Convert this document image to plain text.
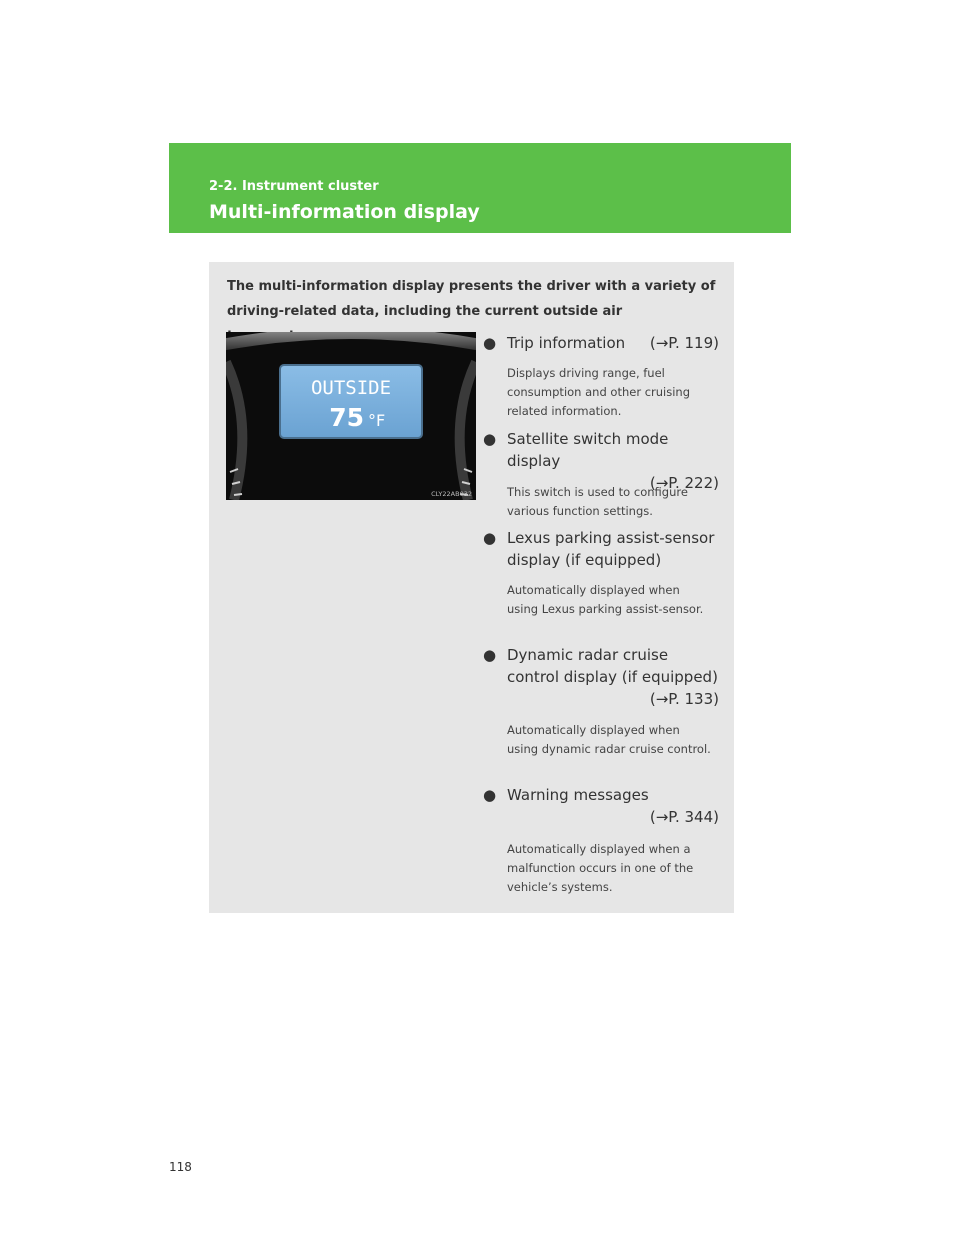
2-2. Instrument cluster
Multi-information display
The multi-information display presents the driver with a variety of driving-related data, including the current outside air
OUTSIDE
75 °F
CLY22AB032
● Trip information (→P. 119)
Displays driving range, fuel consumption and other cruising related information.
● Satellite switch mode display
(→P. 222)
This switch is used to configure various function settings.
● Lexus parking assist-sensor display (if equipped)
Automatically displayed when using Lexus parking assist-sensor.
● Dynamic radar cruise control display (if equipped)
(→P. 133)
Automatically displayed when using dynamic radar cruise control.
● Warning messages
(→P. 344)
Automatically displayed when a malfunction occurs in one of the vehicle’s systems.
118
